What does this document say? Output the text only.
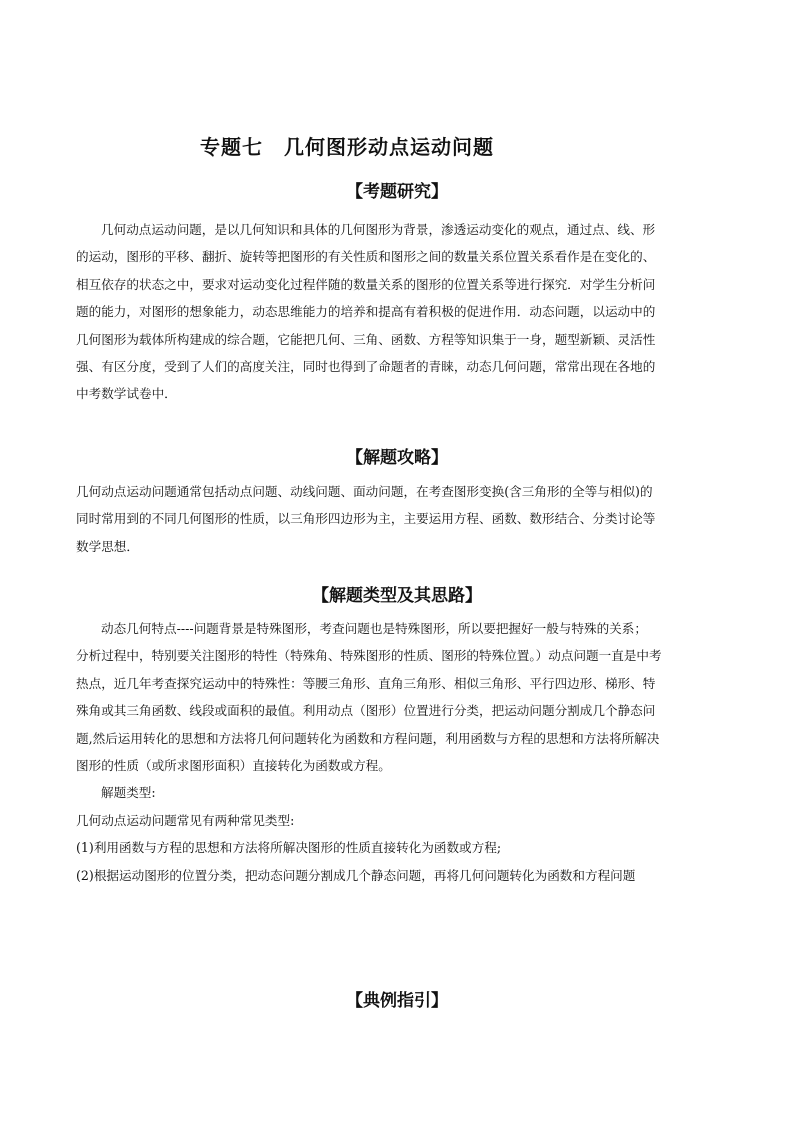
专题七　几何图形动点运动问题
【考题研究】
几何动点运动问题，是以几何知识和具体的几何图形为背景，渗透运动变化的观点，通过点、线、形
的运动，图形的平移、翻折、旋转等把图形的有关性质和图形之间的数量关系位置关系看作是在变化的、
相互依存的状态之中，要求对运动变化过程伴随的数量关系的图形的位置关系等进行探究．对学生分析问
题的能力，对图形的想象能力，动态思维能力的培养和提高有着积极的促进作用．动态问题，以运动中的
几何图形为载体所构建成的综合题，它能把几何、三角、函数、方程等知识集于一身，题型新颖、灵活性
强、有区分度，受到了人们的高度关注，同时也得到了命题者的青睐，动态几何问题，常常出现在各地的
中考数学试卷中．
【解题攻略】
几何动点运动问题通常包括动点问题、动线问题、面动问题，在考查图形变换(含三角形的全等与相似)的
同时常用到的不同几何图形的性质，以三角形四边形为主，主要运用方程、函数、数形结合、分类讨论等
数学思想．
【解题类型及其思路】
动态几何特点----问题背景是特殊图形，考查问题也是特殊图形，所以要把握好一般与特殊的关系；
分析过程中，特别要关注图形的特性（特殊角、特殊图形的性质、图形的特殊位置。）动点问题一直是中考
热点，近几年考查探究运动中的特殊性：等腰三角形、直角三角形、相似三角形、平行四边形、梯形、特
殊角或其三角函数、线段或面积的最值。利用动点（图形）位置进行分类，把运动问题分割成几个静态问
题,然后运用转化的思想和方法将几何问题转化为函数和方程问题，利用函数与方程的思想和方法将所解决
图形的性质（或所求图形面积）直接转化为函数或方程。
解题类型:
几何动点运动问题常见有两种常见类型:
(1)利用函数与方程的思想和方法将所解决图形的性质直接转化为函数或方程;
(2)根据运动图形的位置分类，把动态问题分割成几个静态问题，再将几何问题转化为函数和方程问题
【典例指引】
